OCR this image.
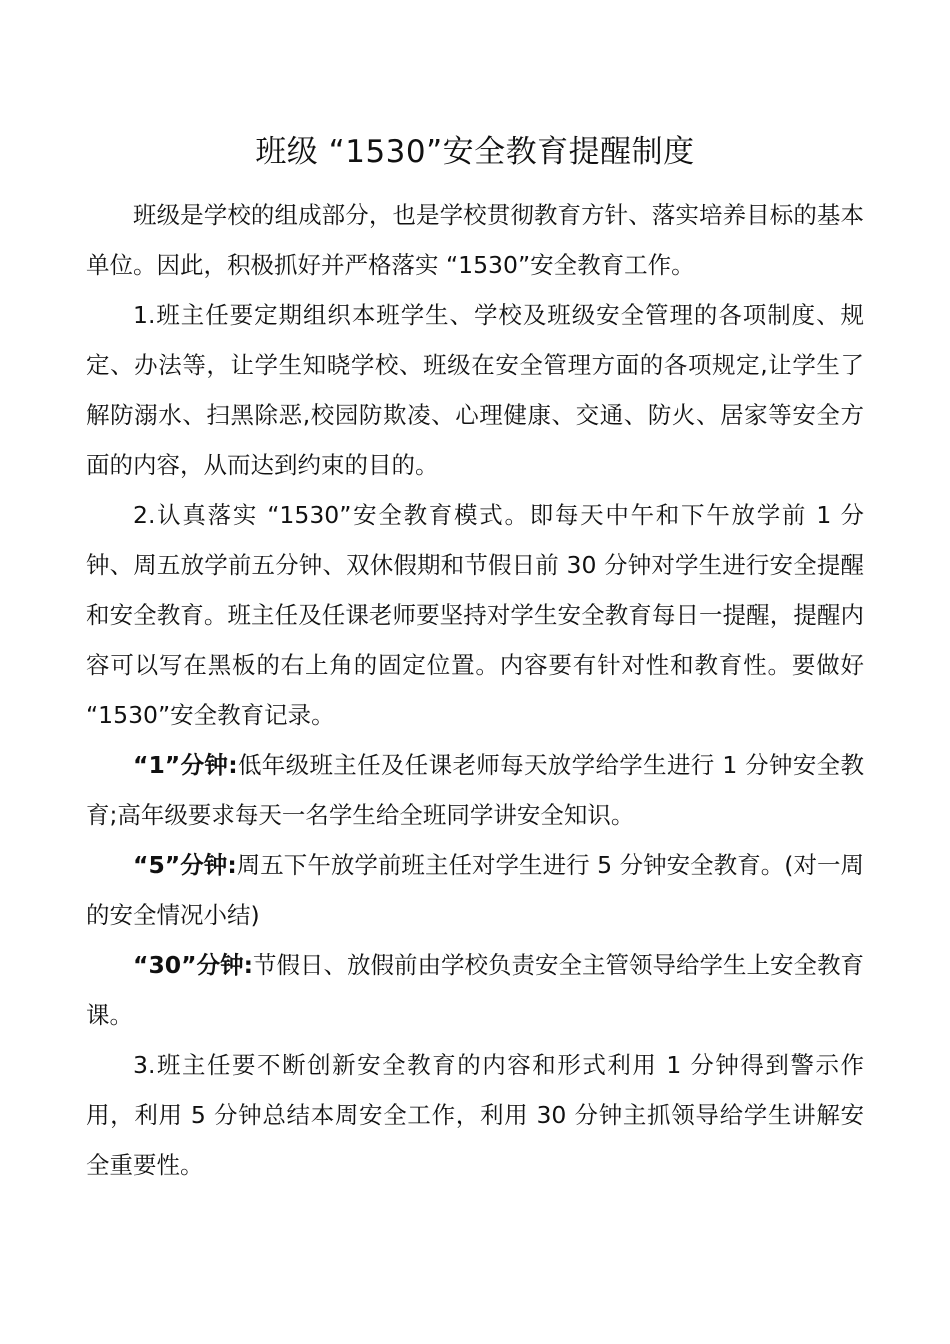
班级 “1530”安全教育提醒制度

班级是学校的组成部分，也是学校贯彻教育方针、落实培养目标的基本单位。因此，积极抓好并严格落实 “1530”安全教育工作。

1.班主任要定期组织本班学生、学校及班级安全管理的各项制度、规定、办法等，让学生知晓学校、班级在安全管理方面的各项规定,让学生了解防溺水、扫黑除恶,校园防欺凌、心理健康、交通、防火、居家等安全方面的内容，从而达到约束的目的。

2.认真落实 “1530”安全教育模式。即每天中午和下午放学前 1 分钟、周五放学前五分钟、双休假期和节假日前 30 分钟对学生进行安全提醒和安全教育。班主任及任课老师要坚持对学生安全教育每日一提醒，提醒内容可以写在黑板的右上角的固定位置。内容要有针对性和教育性。要做好 “1530”安全教育记录。

“1”分钟:低年级班主任及任课老师每天放学给学生进行 1 分钟安全教育;高年级要求每天一名学生给全班同学讲安全知识。

“5”分钟:周五下午放学前班主任对学生进行 5 分钟安全教育。(对一周的安全情况小结)

“30”分钟:节假日、放假前由学校负责安全主管领导给学生上安全教育课。

3.班主任要不断创新安全教育的内容和形式利用 1 分钟得到警示作用，利用 5 分钟总结本周安全工作，利用 30 分钟主抓领导给学生讲解安全重要性。
